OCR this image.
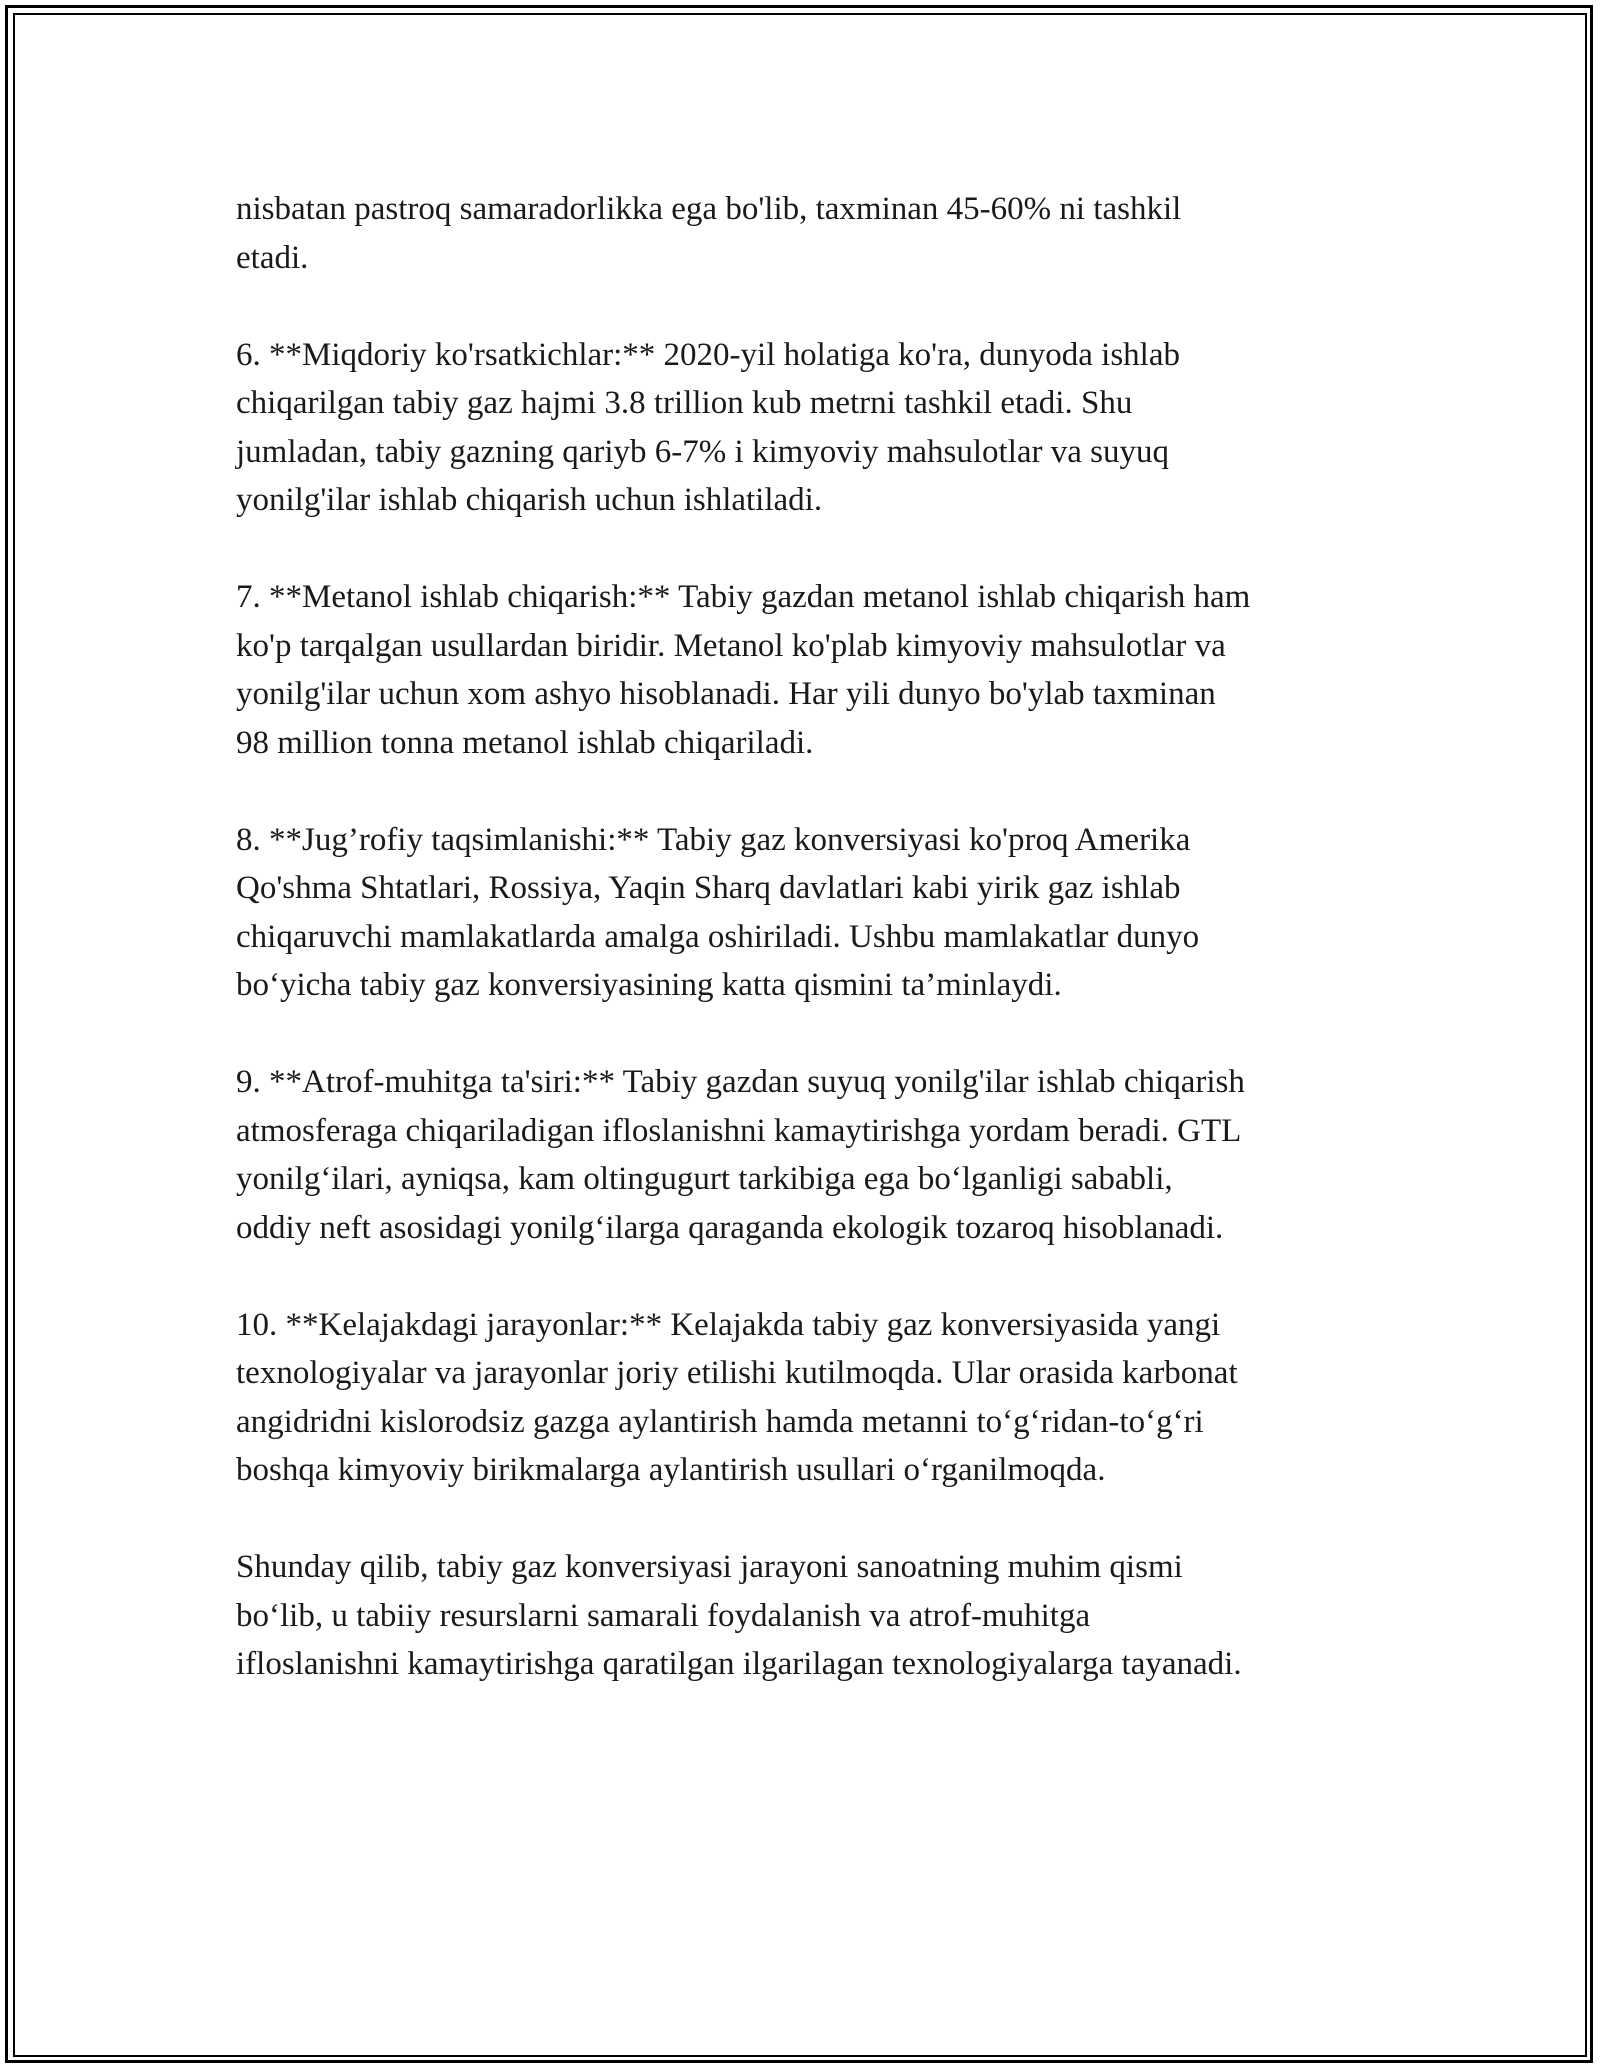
nisbatan pastroq samaradorlikka ega bo'lib, taxminan 45-60% ni tashkil
etadi.

6. **Miqdoriy ko'rsatkichlar:** 2020-yil holatiga ko'ra, dunyoda ishlab
chiqarilgan tabiy gaz hajmi 3.8 trillion kub metrni tashkil etadi. Shu
jumladan, tabiy gazning qariyb 6-7% i kimyoviy mahsulotlar va suyuq
yonilg'ilar ishlab chiqarish uchun ishlatiladi.

7. **Metanol ishlab chiqarish:** Tabiy gazdan metanol ishlab chiqarish ham
ko'p tarqalgan usullardan biridir. Metanol ko'plab kimyoviy mahsulotlar va
yonilg'ilar uchun xom ashyo hisoblanadi. Har yili dunyo bo'ylab taxminan
98 million tonna metanol ishlab chiqariladi.

8. **Jug’rofiy taqsimlanishi:** Tabiy gaz konversiyasi ko'proq Amerika
Qo'shma Shtatlari, Rossiya, Yaqin Sharq davlatlari kabi yirik gaz ishlab
chiqaruvchi mamlakatlarda amalga oshiriladi. Ushbu mamlakatlar dunyo
bo‘yicha tabiy gaz konversiyasining katta qismini ta’minlaydi.

9. **Atrof-muhitga ta'siri:** Tabiy gazdan suyuq yonilg'ilar ishlab chiqarish
atmosferaga chiqariladigan ifloslanishni kamaytirishga yordam beradi. GTL
yonilg‘ilari, ayniqsa, kam oltingugurt tarkibiga ega bo‘lganligi sababli,
oddiy neft asosidagi yonilg‘ilarga qaraganda ekologik tozaroq hisoblanadi.

10. **Kelajakdagi jarayonlar:** Kelajakda tabiy gaz konversiyasida yangi
texnologiyalar va jarayonlar joriy etilishi kutilmoqda. Ular orasida karbonat
angidridni kislorodsiz gazga aylantirish hamda metanni to‘g‘ridan-to‘g‘ri
boshqa kimyoviy birikmalarga aylantirish usullari o‘rganilmoqda.

Shunday qilib, tabiy gaz konversiyasi jarayoni sanoatning muhim qismi
bo‘lib, u tabiiy resurslarni samarali foydalanish va atrof-muhitga
ifloslanishni kamaytirishga qaratilgan ilgarilagan texnologiyalarga tayanadi.
